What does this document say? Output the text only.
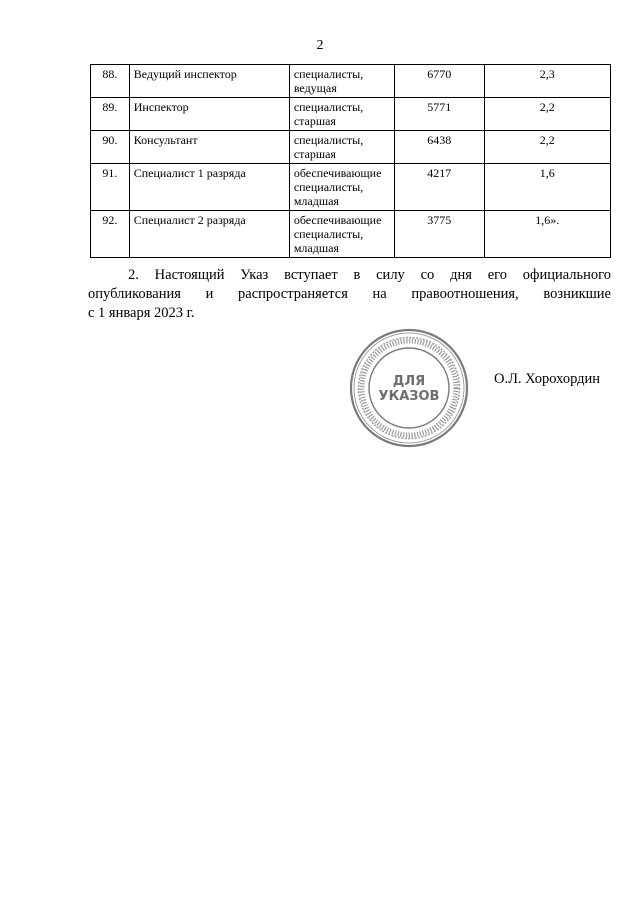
2
88.	Ведущий инспектор	специалисты, ведущая	6770	2,3
89.	Инспектор	специалисты, старшая	5771	2,2
90.	Консультант	специалисты, старшая	6438	2,2
91.	Специалист 1 разряда	обеспечивающие специалисты, младшая	4217	1,6
92.	Специалист 2 разряда	обеспечивающие специалисты, младшая	3775	1,6».
2. Настоящий Указ вступает в силу со дня его официального
опубликования и распространяется на правоотношения, возникшие
с 1 января 2023 г.
ДЛЯ
УКАЗОВ
О.Л. Хорохордин
